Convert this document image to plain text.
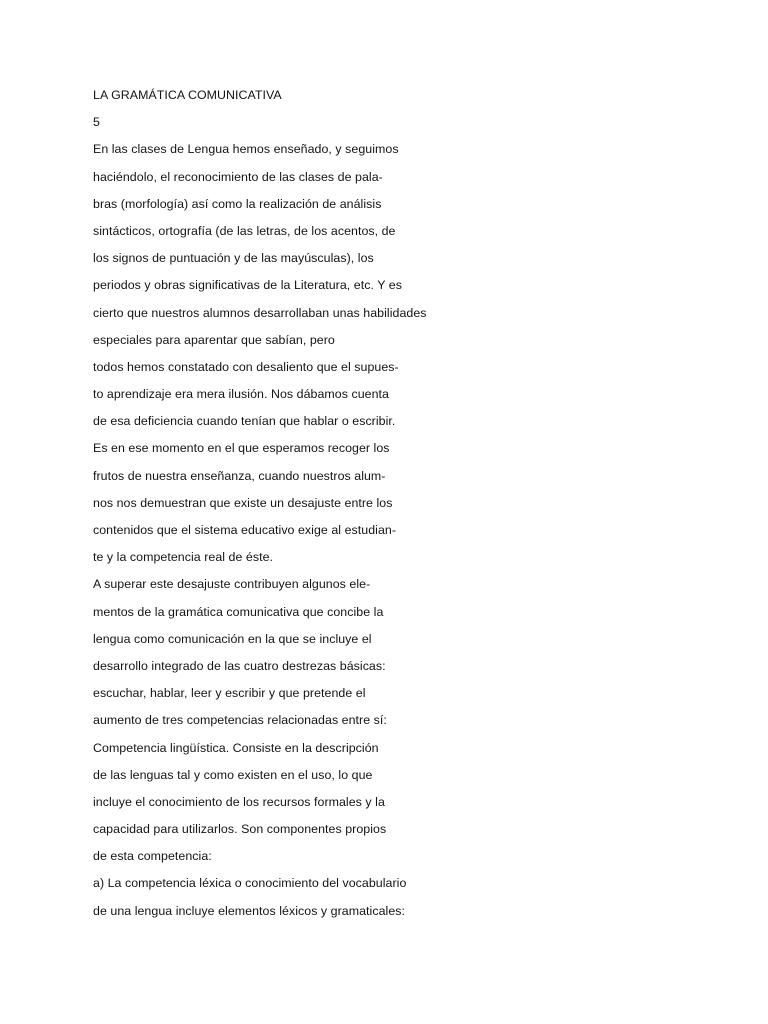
LA GRAMÁTICA COMUNICATIVA
5
En las clases de Lengua hemos enseñado, y seguimos
haciéndolo, el reconocimiento de las clases de pala-
bras (morfología) así como la realización de análisis
sintácticos, ortografía (de las letras, de los acentos, de
los signos de puntuación y de las mayúsculas), los
periodos y obras significativas de la Literatura, etc. Y es
cierto que nuestros alumnos desarrollaban unas habilidades
especiales para aparentar que sabían, pero
todos hemos constatado con desaliento que el supues-
to aprendizaje era mera ilusión. Nos dábamos cuenta
de esa deficiencia cuando tenían que hablar o escribir.
Es en ese momento en el que esperamos recoger los
frutos de nuestra enseñanza, cuando nuestros alum-
nos nos demuestran que existe un desajuste entre los
contenidos que el sistema educativo exige al estudian-
te y la competencia real de éste.
A superar este desajuste contribuyen algunos ele-
mentos de la gramática comunicativa que concibe la
lengua como comunicación en la que se incluye el
desarrollo integrado de las cuatro destrezas básicas:
escuchar, hablar, leer y escribir y que pretende el
aumento de tres competencias relacionadas entre sí:
Competencia lingüística. Consiste en la descripción
de las lenguas tal y como existen en el uso, lo que
incluye el conocimiento de los recursos formales y la
capacidad para utilizarlos. Son componentes propios
de esta competencia:
a) La competencia léxica o conocimiento del vocabulario
de una lengua incluye elementos léxicos y gramaticales:
